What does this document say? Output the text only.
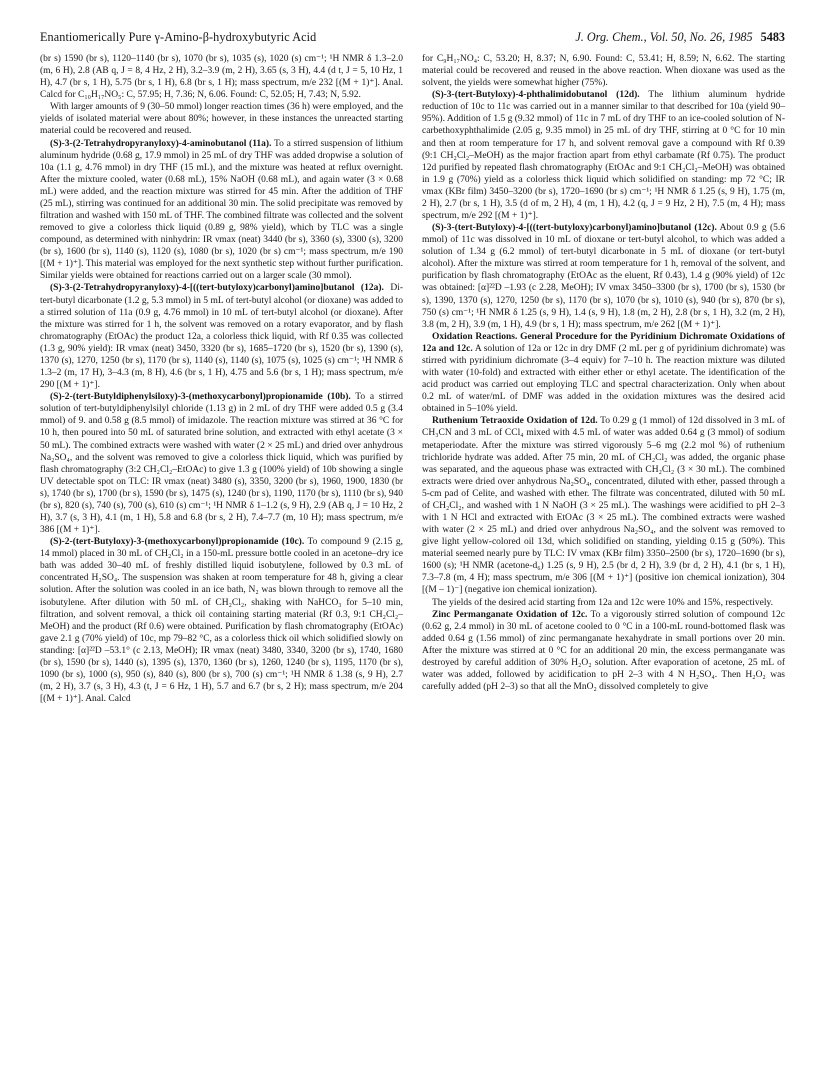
Enantiomerically Pure γ-Amino-β-hydroxybutyric Acid	J. Org. Chem., Vol. 50, No. 26, 1985 5483

(br s) 1590 (br s), 1120–1140 (br s), 1070 (br s), 1035 (s), 1020 (s) cm⁻¹; ¹H NMR δ 1.3–2.0 (m, 6 H), 2.8 (AB q, J = 8, 4 Hz, 2 H), 3.2–3.9 (m, 2 H), 3.65 (s, 3 H), 4.4 (d t, J = 5, 10 Hz, 1 H), 4.7 (br s, 1 H), 5.75 (br s, 1 H), 6.8 (br s, 1 H); mass spectrum, m/e 232 [(M + 1)⁺]. Anal. Calcd for C₁₀H₁₇NO₅: C, 57.95; H, 7.36; N, 6.06. Found: C, 52.05; H, 7.43; N, 5.92.

With larger amounts of 9 (30–50 mmol) longer reaction times (36 h) were employed, and the yields of isolated material were about 80%; however, in these instances the unreacted starting material could be recovered and reused.

(S)-3-(2-Tetrahydropyranyloxy)-4-aminobutanol (11a). To a stirred suspension of lithium aluminum hydride (0.68 g, 17.9 mmol) in 25 mL of dry THF was added dropwise a solution of 10a (1.1 g, 4.76 mmol) in dry THF (15 mL), and the mixture was heated at reflux overnight. After the mixture cooled, water (0.68 mL), 15% NaOH (0.68 mL), and again water (3 × 0.68 mL) were added, and the reaction mixture was stirred for 45 min. After the addition of THF (25 mL), stirring was continued for an additional 30 min. The solid precipitate was removed by filtration and washed with 150 mL of THF. The combined filtrate was collected and the solvent removed to give a colorless thick liquid (0.89 g, 98% yield), which by TLC was a single compound, as determined with ninhydrin: IR νmax (neat) 3440 (br s), 3360 (s), 3300 (s), 3200 (br s), 1600 (br s), 1140 (s), 1120 (s), 1080 (br s), 1020 (br s) cm⁻¹; mass spectrum, m/e 190 [(M + 1)⁺]. This material was employed for the next synthetic step without further purification. Similar yields were obtained for reactions carried out on a larger scale (30 mmol).

(S)-3-(2-Tetrahydropyranyloxy)-4-[((tert-butyloxy)carbonyl)amino]butanol (12a). Di-tert-butyl dicarbonate (1.2 g, 5.3 mmol) in 5 mL of tert-butyl alcohol (or dioxane) was added to a stirred solution of 11a (0.9 g, 4.76 mmol) in 10 mL of tert-butyl alcohol (or dioxane). After the mixture was stirred for 1 h, the solvent was removed on a rotary evaporator, and by flash chromatography (EtOAc) the product 12a, a colorless thick liquid, with Rf 0.35 was collected (1.3 g, 90% yield): IR νmax (neat) 3450, 3320 (br s), 1685–1720 (br s), 1520 (br s), 1390 (s), 1370 (s), 1270, 1250 (br s), 1170 (br s), 1140 (s), 1140 (s), 1075 (s), 1025 (s) cm⁻¹; ¹H NMR δ 1.3–2 (m, 17 H), 3–4.3 (m, 8 H), 4.6 (br s, 1 H), 4.75 and 5.6 (br s, 1 H); mass spectrum, m/e 290 [(M + 1)⁺].

(S)-2-(tert-Butyldiphenylsiloxy)-3-(methoxycarbonyl)propionamide (10b). To a stirred solution of tert-butyldiphenylsilyl chloride (1.13 g) in 2 mL of dry THF were added 0.5 g (3.4 mmol) of 9. and 0.58 g (8.5 mmol) of imidazole. The reaction mixture was stirred at 36 °C for 10 h, then poured into 50 mL of saturated brine solution, and extracted with ethyl acetate (3 × 50 mL). The combined extracts were washed with water (2 × 25 mL) and dried over anhydrous Na₂SO₄, and the solvent was removed to give a colorless thick liquid, which was purified by flash chromatography (3:2 CH₂Cl₂–EtOAc) to give 1.3 g (100% yield) of 10b showing a single UV detectable spot on TLC: IR νmax (neat) 3480 (s), 3350, 3200 (br s), 1960, 1900, 1830 (br s), 1740 (br s), 1700 (br s), 1590 (br s), 1475 (s), 1240 (br s), 1190, 1170 (br s), 1110 (br s), 940 (br s), 820 (s), 740 (s), 700 (s), 610 (s) cm⁻¹; ¹H NMR δ 1–1.2 (s, 9 H), 2.9 (AB q, J = 10 Hz, 2 H), 3.7 (s, 3 H), 4.1 (m, 1 H), 5.8 and 6.8 (br s, 2 H), 7.4–7.7 (m, 10 H); mass spectrum, m/e 386 [(M + 1)⁺].

(S)-2-(tert-Butyloxy)-3-(methoxycarbonyl)propionamide (10c). To compound 9 (2.15 g, 14 mmol) placed in 30 mL of CH₂Cl₂ in a 150-mL pressure bottle cooled in an acetone–dry ice bath was added 30–40 mL of freshly distilled liquid isobutylene, followed by 0.3 mL of concentrated H₂SO₄. The suspension was shaken at room temperature for 48 h, giving a clear solution. After the solution was cooled in an ice bath, N₂ was blown through to remove all the isobutylene. After dilution with 50 mL of CH₂Cl₂, shaking with NaHCO₃ for 5–10 min, filtration, and solvent removal, a thick oil containing starting material (Rf 0.3, 9:1 CH₂Cl₂–MeOH) and the product (Rf 0.6) were obtained. Purification by flash chromatography (EtOAc) gave 2.1 g (70% yield) of 10c, mp 79–82 °C, as a colorless thick oil which solidified slowly on standing: [α]²²D –53.1° (c 2.13, MeOH); IR νmax (neat) 3480, 3340, 3200 (br s), 1740, 1680 (br s), 1590 (br s), 1440 (s), 1395 (s), 1370, 1360 (br s), 1260, 1240 (br s), 1195, 1170 (br s), 1090 (br s), 1000 (s), 950 (s), 840 (s), 800 (br s), 700 (s) cm⁻¹; ¹H NMR δ 1.38 (s, 9 H), 2.7 (m, 2 H), 3.7 (s, 3 H), 4.3 (t, J = 6 Hz, 1 H), 5.7 and 6.7 (br s, 2 H); mass spectrum, m/e 204 [(M + 1)⁺]. Anal. Calcd

for C₉H₁₇NO₄: C, 53.20; H, 8.37; N, 6.90. Found: C, 53.41; H, 8.59; N, 6.62. The starting material could be recovered and reused in the above reaction. When dioxane was used as the solvent, the yields were somewhat higher (75%).

(S)-3-(tert-Butyloxy)-4-phthalimidobutanol (12d). The lithium aluminum hydride reduction of 10c to 11c was carried out in a manner similar to that described for 10a (yield 90–95%). Addition of 1.5 g (9.32 mmol) of 11c in 7 mL of dry THF to an ice-cooled solution of N-carbethoxyphthalimide (2.05 g, 9.35 mmol) in 25 mL of dry THF, stirring at 0 °C for 10 min and then at room temperature for 17 h, and solvent removal gave a compound with Rf 0.39 (9:1 CH₂Cl₂–MeOH) as the major fraction apart from ethyl carbamate (Rf 0.75). The product 12d purified by repeated flash chromatography (EtOAc and 9:1 CH₂Cl₂–MeOH) was obtained in 1.9 g (70%) yield as a colorless thick liquid which solidified on standing: mp 72 °C; IR νmax (KBr film) 3450–3200 (br s), 1720–1690 (br s) cm⁻¹; ¹H NMR δ 1.25 (s, 9 H), 1.75 (m, 2 H), 2.7 (br s, 1 H), 3.5 (d of m, 2 H), 4 (m, 1 H), 4.2 (q, J = 9 Hz, 2 H), 7.5 (m, 4 H); mass spectrum, m/e 292 [(M + 1)⁺].

(S)-3-(tert-Butyloxy)-4-[((tert-butyloxy)carbonyl)amino]butanol (12c). About 0.9 g (5.6 mmol) of 11c was dissolved in 10 mL of dioxane or tert-butyl alcohol, to which was added a solution of 1.34 g (6.2 mmol) of tert-butyl dicarbonate in 5 mL of dioxane (or tert-butyl alcohol). After the mixture was stirred at room temperature for 1 h, removal of the solvent, and purification by flash chromatography (EtOAc as the eluent, Rf 0.43), 1.4 g (90% yield) of 12c was obtained: [α]²²D –1.93 (c 2.28, MeOH); IV νmax 3450–3300 (br s), 1700 (br s), 1530 (br s), 1390, 1370 (s), 1270, 1250 (br s), 1170 (br s), 1070 (br s), 1010 (s), 940 (br s), 870 (br s), 750 (s) cm⁻¹; ¹H NMR δ 1.25 (s, 9 H), 1.4 (s, 9 H), 1.8 (m, 2 H), 2.8 (br s, 1 H), 3.2 (m, 2 H), 3.8 (m, 2 H), 3.9 (m, 1 H), 4.9 (br s, 1 H); mass spectrum, m/e 262 [(M + 1)⁺].

Oxidation Reactions. General Procedure for the Pyridinium Dichromate Oxidations of 12a and 12c. A solution of 12a or 12c in dry DMF (2 mL per g of pyridinium dichromate) was stirred with pyridinium dichromate (3–4 equiv) for 7–10 h. The reaction mixture was diluted with water (10-fold) and extracted with either ether or ethyl acetate. The identification of the acid product was carried out employing TLC and spectral characterization. Only when about 0.2 mL of water/mL of DMF was added in the oxidation mixtures was the desired acid obtained in 5–10% yield.

Ruthenium Tetraoxide Oxidation of 12d. To 0.29 g (1 mmol) of 12d dissolved in 3 mL of CH₃CN and 3 mL of CCl₄ mixed with 4.5 mL of water was added 0.64 g (3 mmol) of sodium metaperiodate. After the mixture was stirred vigorously 5–6 mg (2.2 mol %) of ruthenium trichloride hydrate was added. After 75 min, 20 mL of CH₂Cl₂ was added, the organic phase was separated, and the aqueous phase was extracted with CH₂Cl₂ (3 × 30 mL). The combined extracts were dried over anhydrous Na₂SO₄, concentrated, diluted with ether, passed through a 5-cm pad of Celite, and washed with ether. The filtrate was concentrated, diluted with 50 mL of CH₂Cl₂, and washed with 1 N NaOH (3 × 25 mL). The washings were acidified to pH 2–3 with 1 N HCl and extracted with EtOAc (3 × 25 mL). The combined extracts were washed with water (2 × 25 mL) and dried over anhydrous Na₂SO₄, and the solvent was removed to give light yellow-colored oil 13d, which solidified on standing, yielding 0.15 g (50%). This material seemed nearly pure by TLC: IV νmax (KBr film) 3350–2500 (br s), 1720–1690 (br s), 1600 (s); ¹H NMR (acetone-d₆) 1.25 (s, 9 H), 2.5 (br d, 2 H), 3.9 (br d, 2 H), 4.1 (br s, 1 H), 7.3–7.8 (m, 4 H); mass spectrum, m/e 306 [(M + 1)⁺] (positive ion chemical ionization), 304 [(M – 1)⁻] (negative ion chemical ionization).

The yields of the desired acid starting from 12a and 12c were 10% and 15%, respectively.

Zinc Permanganate Oxidation of 12c. To a vigorously stirred solution of compound 12c (0.62 g, 2.4 mmol) in 30 mL of acetone cooled to 0 °C in a 100-mL round-bottomed flask was added 0.64 g (1.56 mmol) of zinc permanganate hexahydrate in small portions over 20 min. After the mixture was stirred at 0 °C for an additional 20 min, the excess permanganate was destroyed by careful addition of 30% H₂O₂ solution. After evaporation of acetone, 25 mL of water was added, followed by acidification to pH 2–3 with 4 N H₂SO₄. Then H₂O₂ was carefully added (pH 2–3) so that all the MnO₂ dissolved completely to give
